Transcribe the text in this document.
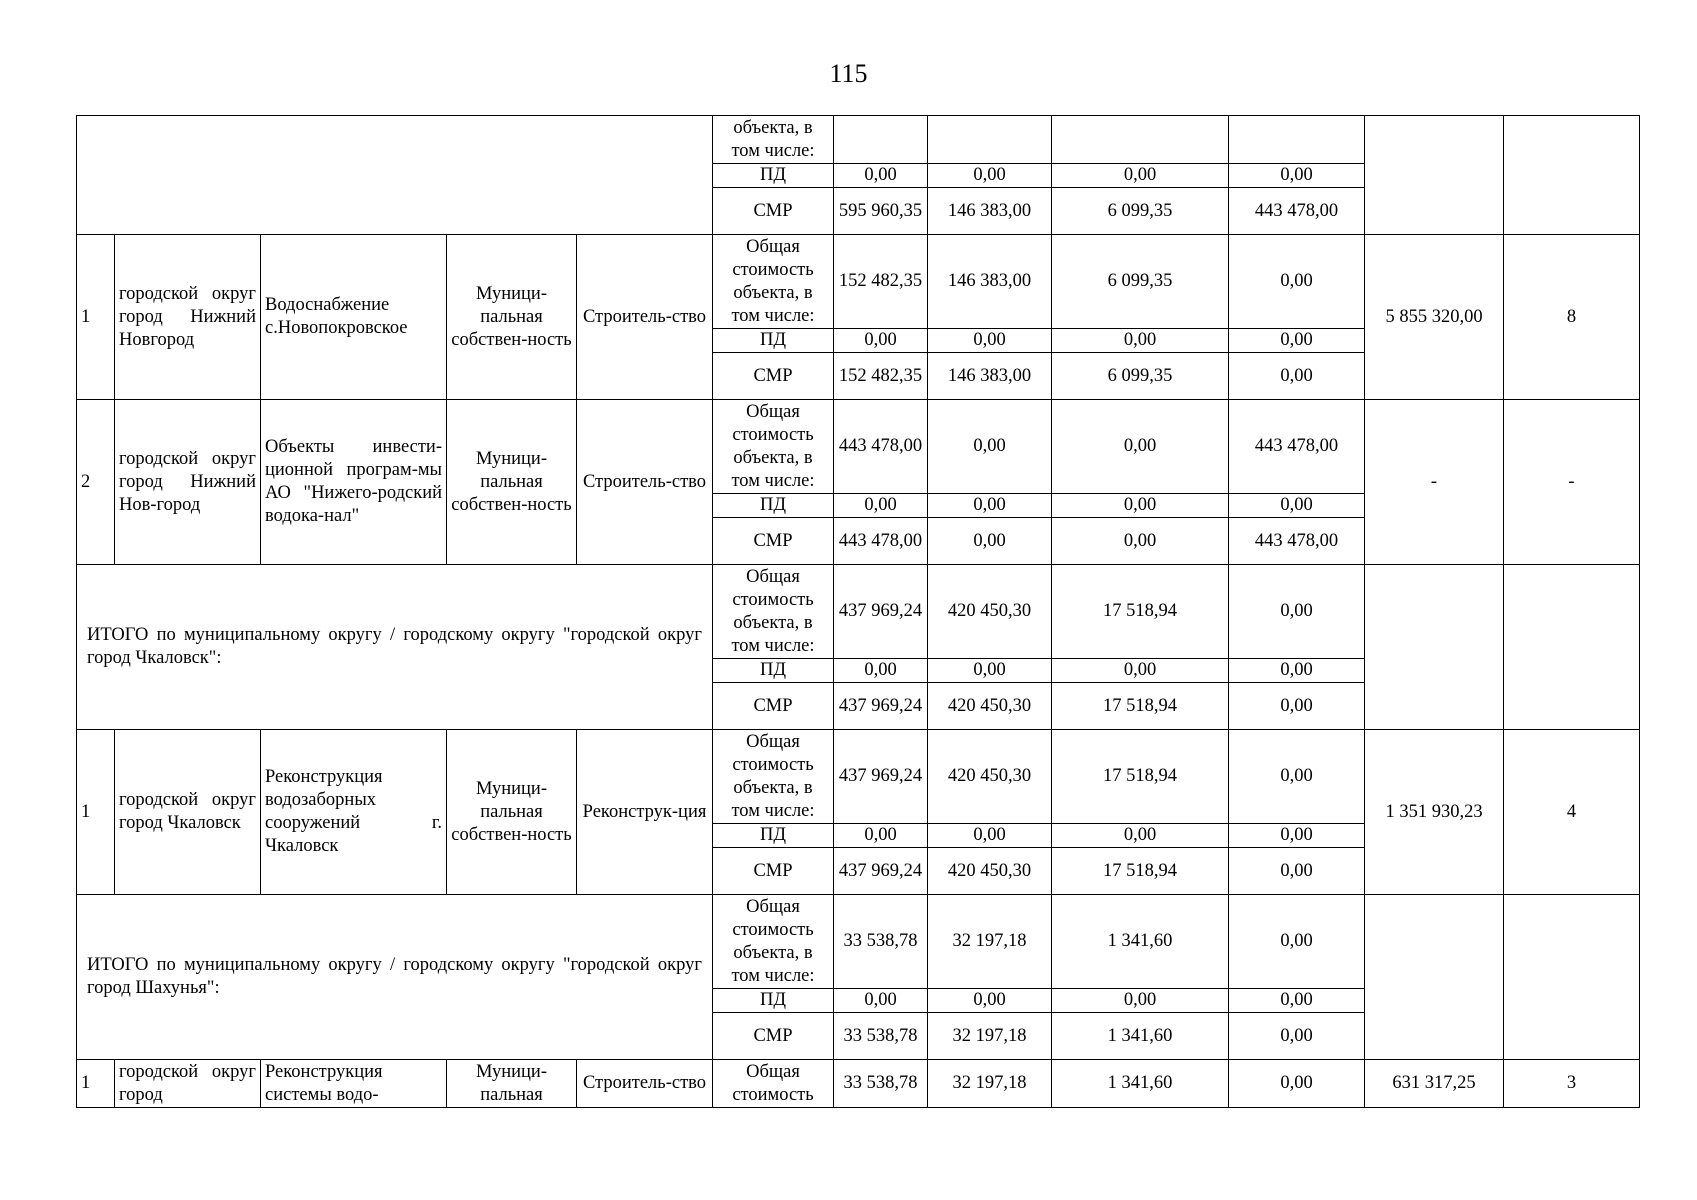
115
					объекта, в том числе:						
					ПД	0,00	0,00	0,00	0,00		
					СМР	595 960,35	146 383,00	6 099,35	443 478,00		
1	городской округ город Нижний Новгород	Водоснабжение с.Новопокровское	Муници-пальная собствен-ность	Строитель-ство	Общая стоимость объекта, в том числе:	152 482,35	146 383,00	6 099,35	0,00	5 855 320,00	8
					ПД	0,00	0,00	0,00	0,00		
					СМР	152 482,35	146 383,00	6 099,35	0,00		
2	городской округ город Нижний Нов-город	Объекты инвести-ционной програм-мы АО "Нижего-родский водока-нал"	Муници-пальная собствен-ность	Строитель-ство	Общая стоимость объекта, в том числе:	443 478,00	0,00	0,00	443 478,00	-	-
					ПД	0,00	0,00	0,00	0,00		
					СМР	443 478,00	0,00	0,00	443 478,00		
ИТОГО по муниципальному округу / городскому округу "городской округ город Чкаловск":					Общая стоимость объекта, в том числе:	437 969,24	420 450,30	17 518,94	0,00		
					ПД	0,00	0,00	0,00	0,00		
					СМР	437 969,24	420 450,30	17 518,94	0,00		
1	городской округ город Чкаловск	Реконструкция водозаборных сооружений г. Чкаловск	Муници-пальная собствен-ность	Реконструк-ция	Общая стоимость объекта, в том числе:	437 969,24	420 450,30	17 518,94	0,00	1 351 930,23	4
					ПД	0,00	0,00	0,00	0,00		
					СМР	437 969,24	420 450,30	17 518,94	0,00		
ИТОГО по муниципальному округу / городскому округу "городской округ город Шахунья":					Общая стоимость объекта, в том числе:	33 538,78	32 197,18	1 341,60	0,00		
					ПД	0,00	0,00	0,00	0,00		
					СМР	33 538,78	32 197,18	1 341,60	0,00		
1	городской округ город	Реконструкция системы водо-	Муници-пальная	Строитель-ство	Общая стоимость	33 538,78	32 197,18	1 341,60	0,00	631 317,25	3
